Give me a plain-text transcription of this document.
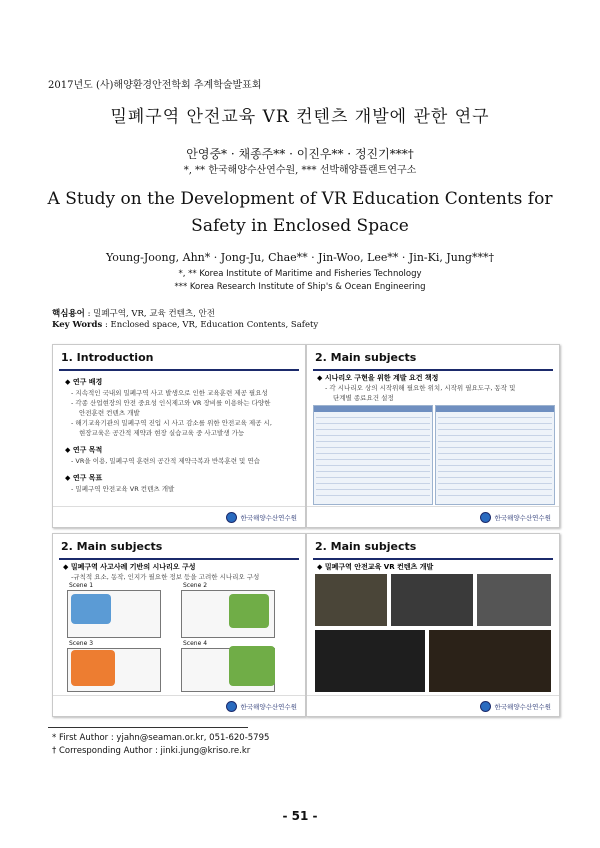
2017년도 (사)해양환경안전학회 추계학술발표회
밀폐구역 안전교육 VR 컨텐츠 개발에 관한 연구
안영중* · 채종주** · 이진우** · 정진기***†
*, ** 한국해양수산연수원, *** 선박해양플랜트연구소
A Study on the Development of VR Education Contents for Safety in Enclosed Space
Young-Joong, Ahn* · Jong-Ju, Chae** · Jin-Woo, Lee** · Jin-Ki, Jung***†
*, ** Korea Institute of Maritime and Fisheries Technology
*** Korea Research Institute of Ship's & Ocean Engineering
핵심용어 : 밀폐구역, VR, 교육 컨텐츠, 안전
Key Words : Enclosed space, VR, Education Contents, Safety
1. Introduction
◆ 연구 배경
- 지속적인 국내외 밀폐구역 사고 발생으로 인한 교육훈련 제공 필요성
- 각종 산업현장의 안전 중요성 인식제고와 VR 장비를 이용하는 다양한
안전훈련 컨텐츠 개발
- 해기교육기관의 밀폐구역 진입 시 사고 감소를 위한 안전교육 제공 시,
현장교육은 공간적 제약과 현장 실습교육 중 사고발생 가능
◆ 연구 목적
- VR을 이용, 밀폐구역 훈련의 공간적 제약극복과 반복훈련 및 연습
◆ 연구 목표
- 밀폐구역 안전교육 VR 컨텐츠 개발
한국해양수산연수원
2. Main subjects
◆ 시나리오 구현을 위한 계발 요건 책정
- 각 시나리오 상의 시작위해 필요한 위치, 시작위 필요도구, 동작 및
단계별 종료요건 설정
한국해양수산연수원
2. Main subjects
◆ 밀폐구역 사고사례 기반의 시나리오 구성
-규칙적 요소, 동작, 인지가 필요한 정보 등을 고려한 시나리오 구성
Scene 1	Scene 2
Scene 3	Scene 4
한국해양수산연수원
2. Main subjects
◆ 밀폐구역 안전교육 VR 컨텐츠 개발
한국해양수산연수원
* First Author : yjahn@seaman.or.kr, 051-620-5795
† Corresponding Author : jinki.jung@kriso.re.kr
- 51 -
